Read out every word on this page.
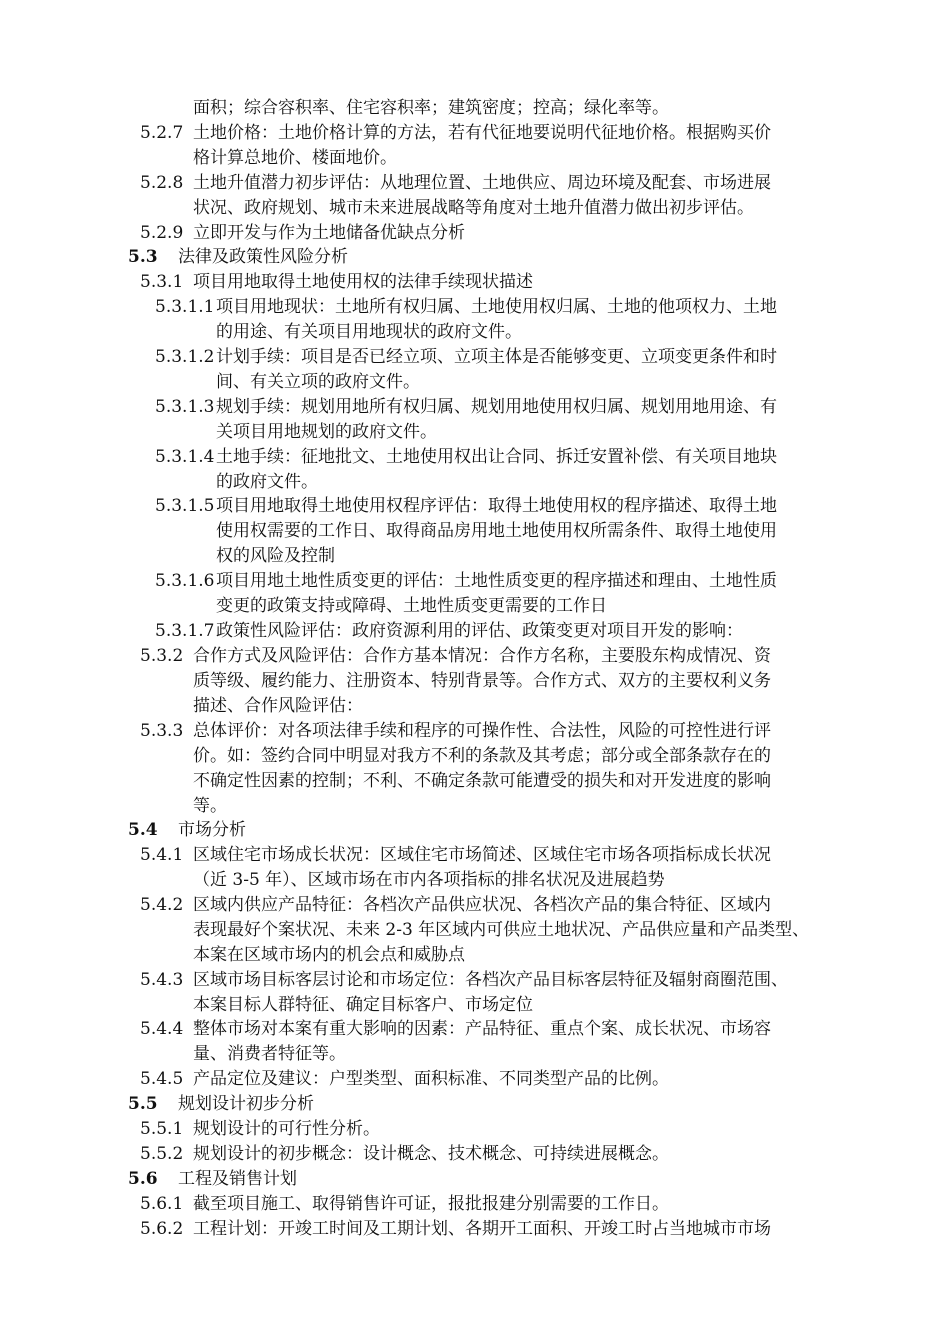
面积；综合容积率、住宅容积率；建筑密度；控高；绿化率等。
5.2.7 土地价格：土地价格计算的方法，若有代征地要说明代征地价格。根据购买价
格计算总地价、楼面地价。
5.2.8 土地升值潜力初步评估：从地理位置、土地供应、周边环境及配套、市场进展
状况、政府规划、城市未来进展战略等角度对土地升值潜力做出初步评估。
5.2.9 立即开发与作为土地储备优缺点分析
5.3 法律及政策性风险分析
5.3.1 项目用地取得土地使用权的法律手续现状描述
5.3.1.1 项目用地现状：土地所有权归属、土地使用权归属、土地的他项权力、土地
的用途、有关项目用地现状的政府文件。
5.3.1.2 计划手续：项目是否已经立项、立项主体是否能够变更、立项变更条件和时
间、有关立项的政府文件。
5.3.1.3 规划手续：规划用地所有权归属、规划用地使用权归属、规划用地用途、有
关项目用地规划的政府文件。
5.3.1.4 土地手续：征地批文、土地使用权出让合同、拆迁安置补偿、有关项目地块
的政府文件。
5.3.1.5 项目用地取得土地使用权程序评估：取得土地使用权的程序描述、取得土地
使用权需要的工作日、取得商品房用地土地使用权所需条件、取得土地使用
权的风险及控制
5.3.1.6 项目用地土地性质变更的评估：土地性质变更的程序描述和理由、土地性质
变更的政策支持或障碍、土地性质变更需要的工作日
5.3.1.7 政策性风险评估：政府资源利用的评估、政策变更对项目开发的影响：
5.3.2 合作方式及风险评估：合作方基本情况：合作方名称，主要股东构成情况、资
质等级、履约能力、注册资本、特别背景等。合作方式、双方的主要权利义务
描述、合作风险评估：
5.3.3 总体评价：对各项法律手续和程序的可操作性、合法性，风险的可控性进行评
价。如：签约合同中明显对我方不利的条款及其考虑；部分或全部条款存在的
不确定性因素的控制；不利、不确定条款可能遭受的损失和对开发进度的影响
等。
5.4 市场分析
5.4.1 区域住宅市场成长状况：区域住宅市场简述、区域住宅市场各项指标成长状况
（近 3-5 年）、区域市场在市内各项指标的排名状况及进展趋势
5.4.2 区域内供应产品特征：各档次产品供应状况、各档次产品的集合特征、区域内
表现最好个案状况、未来 2-3 年区域内可供应土地状况、产品供应量和产品类型、
本案在区域市场内的机会点和威胁点
5.4.3 区域市场目标客层讨论和市场定位：各档次产品目标客层特征及辐射商圈范围、
本案目标人群特征、确定目标客户、市场定位
5.4.4 整体市场对本案有重大影响的因素：产品特征、重点个案、成长状况、市场容
量、消费者特征等。
5.4.5 产品定位及建议：户型类型、面积标准、不同类型产品的比例。
5.5 规划设计初步分析
5.5.1 规划设计的可行性分析。
5.5.2 规划设计的初步概念：设计概念、技术概念、可持续进展概念。
5.6 工程及销售计划
5.6.1 截至项目施工、取得销售许可证，报批报建分别需要的工作日。
5.6.2 工程计划：开竣工时间及工期计划、各期开工面积、开竣工时占当地城市市场
